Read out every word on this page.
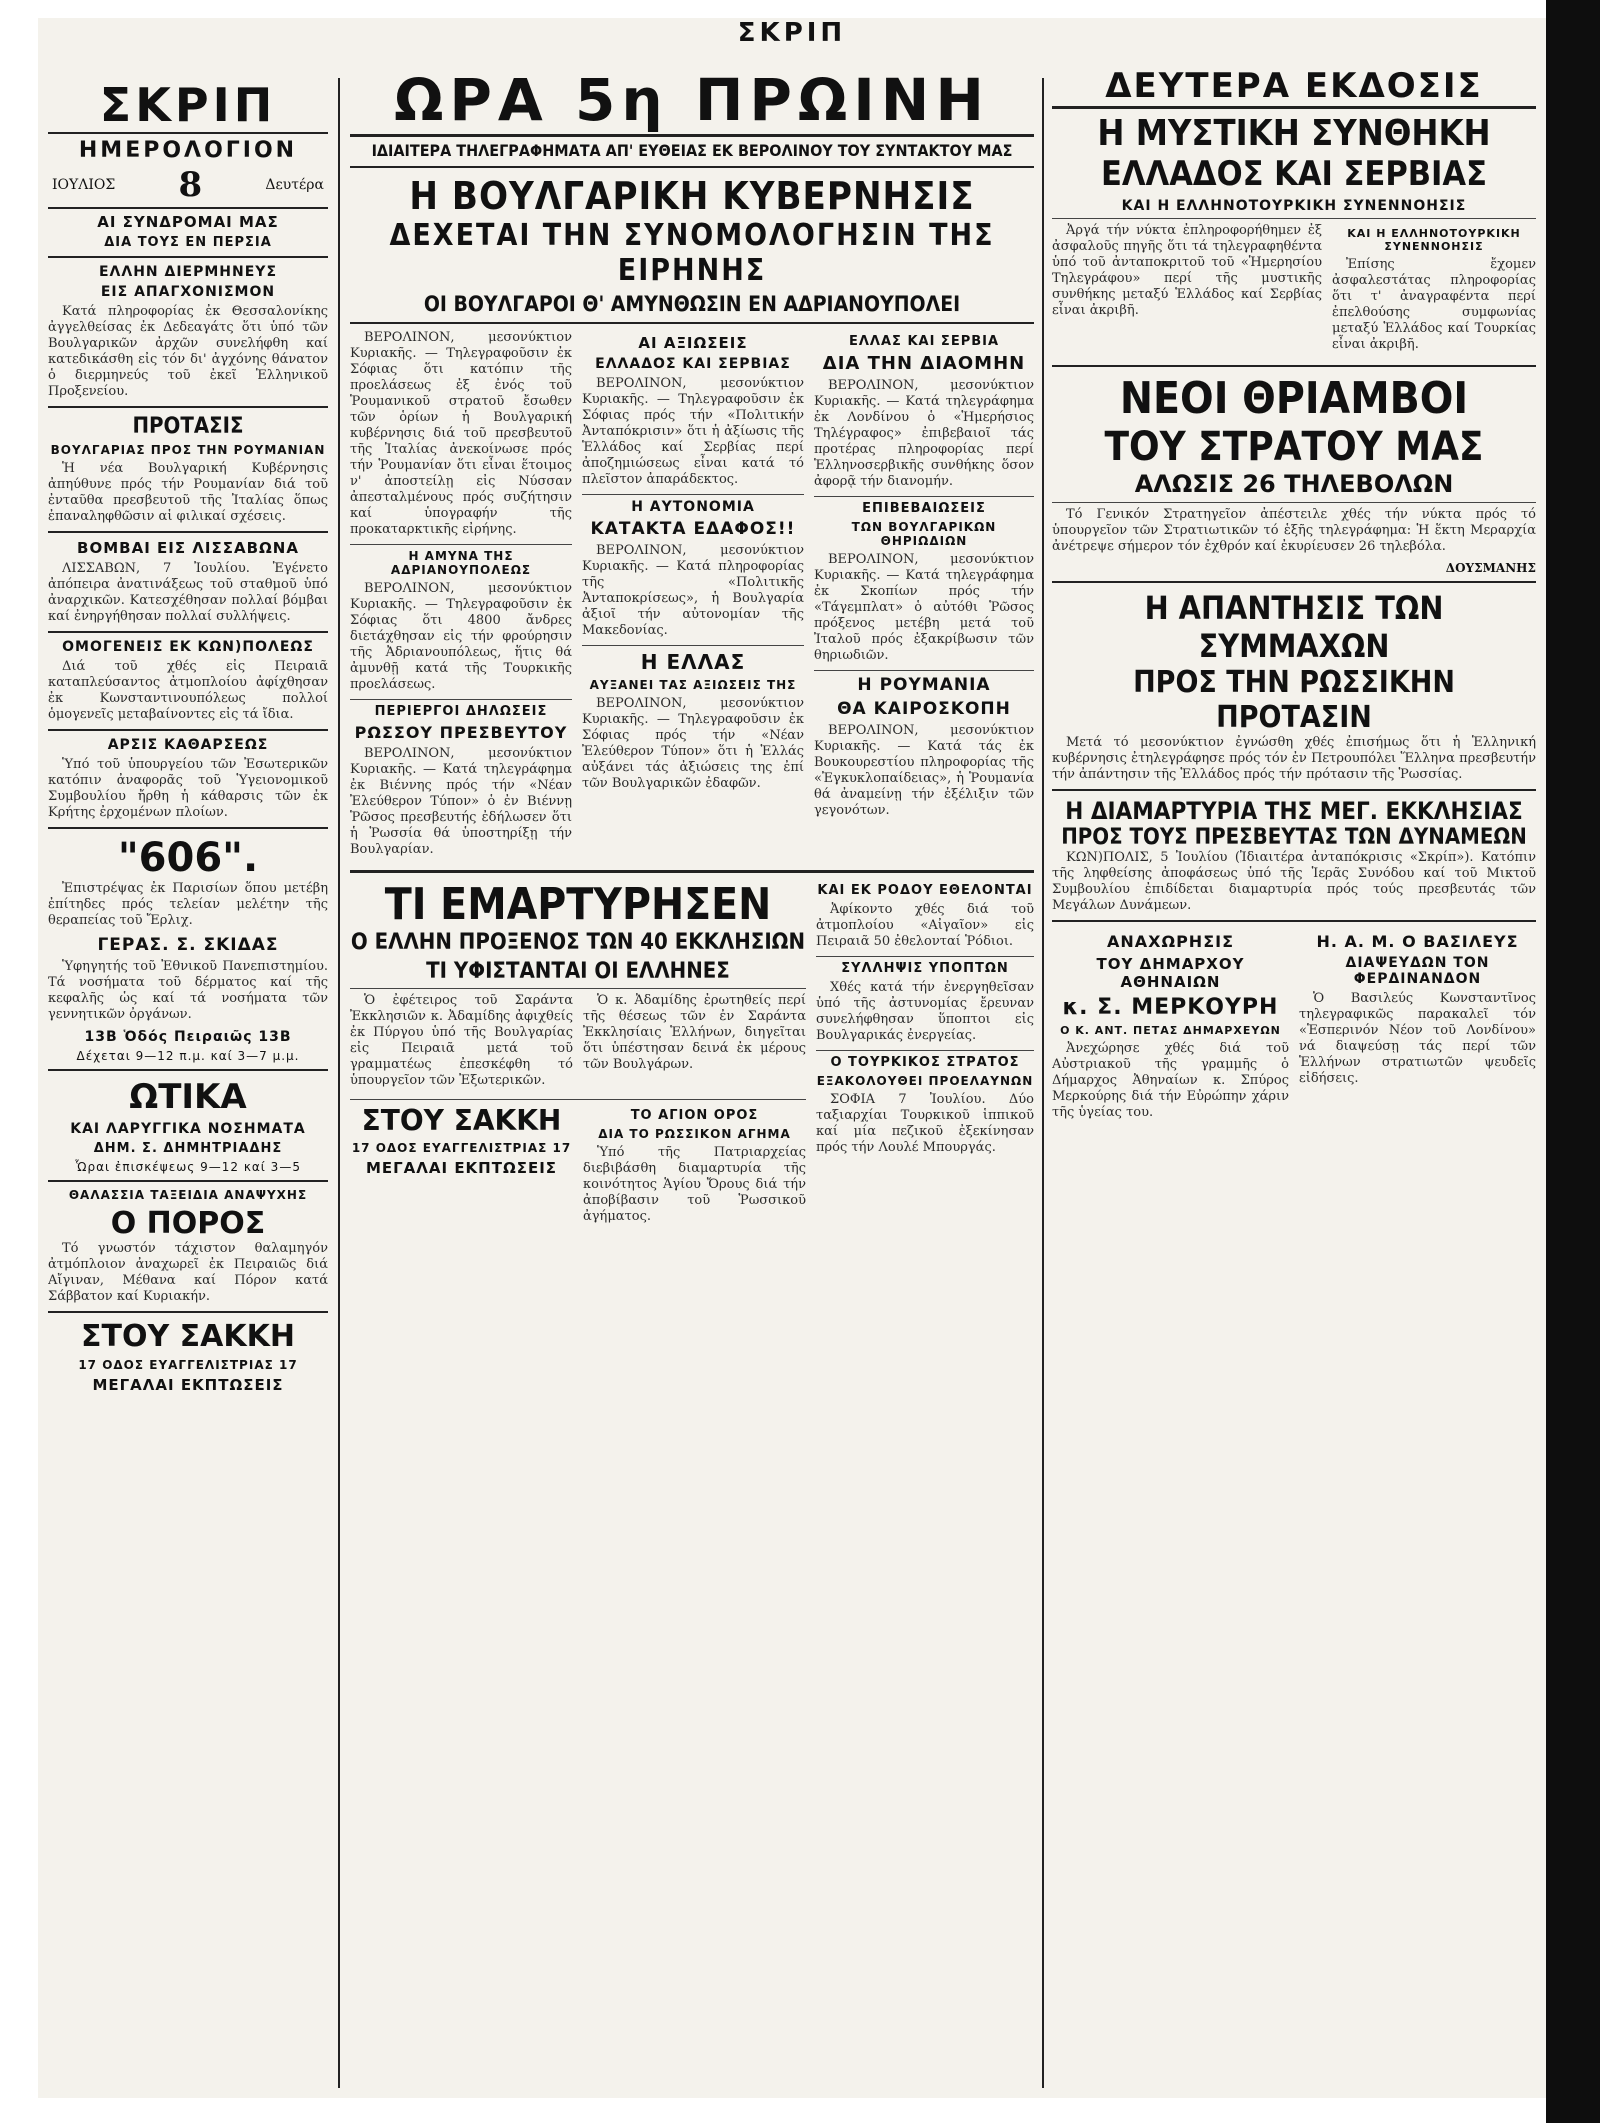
ΣΚΡΙΠ
ΣΚΡΙΠ
ΗΜΕΡΟΛΟΓΙΟΝ
ΙΟΥΛΙΟΣ 8	Δευτέρα
ΑΙ ΣΥΝΔΡΟΜΑΙ ΜΑΣ
ΔΙΑ ΤΟΥΣ ΕΝ ΠΕΡΣΙΑ
ΕΛΛΗΝ ΔΙΕΡΜΗΝΕΥΣ
ΕΙΣ ΑΠΑΓΧΟΝΙΣΜΟΝ

Κατά πληροφορίας ἐκ Θεσσαλονίκης ἀγγελθείσας ἐκ Δεδεαγάτς ὅτι ὑπό τῶν Βουλγαρικῶν ἀρχῶν συνελήφθη καί κατεδικάσθη εἰς τόν δι' ἀγχόνης θάνατον ὁ διερμηνεύς τοῦ ἐκεῖ Ἑλληνικοῦ Προξενείου.

ΠΡΟΤΑΣΙΣ
ΒΟΥΛΓΑΡΙΑΣ ΠΡΟΣ ΤΗΝ ΡΟΥΜΑΝΙΑΝ

Ἡ νέα Βουλγαρική Κυβέρνησις ἀπηύθυνε πρός τήν Ρουμανίαν διά τοῦ ἐνταῦθα πρεσβευτοῦ τῆς Ἰταλίας ὅπως ἐπαναληφθῶσιν αἱ φιλικαί σχέσεις.

ΒΟΜΒΑΙ ΕΙΣ ΛΙΣΣΑΒΩΝΑ

ΛΙΣΣΑΒΩΝ, 7 Ἰουλίου. Ἐγένετο ἀπόπειρα ἀνατινάξεως τοῦ σταθμοῦ ὑπό ἀναρχικῶν. Κατεσχέθησαν πολλαί βόμβαι καί ἐνηργήθησαν πολλαί συλλήψεις.

ΟΜΟΓΕΝΕΙΣ ΕΚ ΚΩΝ)ΠΟΛΕΩΣ

Διά τοῦ χθές εἰς Πειραιᾶ καταπλεύσαντος ἀτμοπλοίου ἀφίχθησαν ἐκ Κωνσταντινουπόλεως πολλοί ὁμογενεῖς μεταβαίνοντες εἰς τά ἴδια.

ΑΡΣΙΣ ΚΑΘΑΡΣΕΩΣ

Ὑπό τοῦ ὑπουργείου τῶν Ἐσωτερικῶν κατόπιν ἀναφορᾶς τοῦ Ὑγειονομικοῦ Συμβουλίου ἤρθη ἡ κάθαρσις τῶν ἐκ Κρήτης ἐρχομένων πλοίων.

"606".

Ἐπιστρέψας ἐκ Παρισίων ὅπου μετέβη ἐπίτηδες πρός τελείαν μελέτην τῆς θεραπείας τοῦ Ἔρλιχ.

ΓΕΡΑΣ. Σ. ΣΚΙΔΑΣ

Ὑφηγητής τοῦ Ἐθνικοῦ Πανεπιστημίου. Τά νοσήματα τοῦ δέρματος καί τῆς κεφαλῆς ὡς καί τά νοσήματα τῶν γεννητικῶν ὀργάνων.

13Β Ὁδός Πειραιῶς 13Β
Δέχεται 9—12 π.μ. καί 3—7 μ.μ.
ΩΤΙΚΑ
ΚΑΙ ΛΑΡΥΓΓΙΚΑ ΝΟΣΗΜΑΤΑ
ΔΗΜ. Σ. ΔΗΜΗΤΡΙΑΔΗΣ
Ὧραι ἐπισκέψεως 9—12 καί 3—5
ΘΑΛΑΣΣΙΑ ΤΑΞΕΙΔΙΑ ΑΝΑΨΥΧΗΣ
Ο ΠΟΡΟΣ

Τό γνωστόν τάχιστον θαλαμηγόν ἀτμόπλοιον ἀναχωρεῖ ἐκ Πειραιῶς διά Αἴγιναν, Μέθανα καί Πόρον κατά Σάββατον καί Κυριακήν.

ΣΤΟΥ ΣΑΚΚΗ
17 ΟΔΟΣ ΕΥΑΓΓΕΛΙΣΤΡΙΑΣ 17
ΜΕΓΑΛΑΙ ΕΚΠΤΩΣΕΙΣ
ΩΡΑ 5η ΠΡΩΙΝΗ
ΙΔΙΑΙΤΕΡΑ ΤΗΛΕΓΡΑΦΗΜΑΤΑ ΑΠ' ΕΥΘΕΙΑΣ ΕΚ ΒΕΡΟΛΙΝΟΥ ΤΟΥ ΣΥΝΤΑΚΤΟΥ ΜΑΣ
Η ΒΟΥΛΓΑΡΙΚΗ ΚΥΒΕΡΝΗΣΙΣ
ΔΕΧΕΤΑΙ ΤΗΝ ΣΥΝΟΜΟΛΟΓΗΣΙΝ ΤΗΣ ΕΙΡΗΝΗΣ
ΟΙ ΒΟΥΛΓΑΡΟΙ Θ' ΑΜΥΝΘΩΣΙΝ ΕΝ ΑΔΡΙΑΝΟΥΠΟΛΕΙ

ΒΕΡΟΛΙΝΟΝ, μεσονύκτιον Κυριακῆς. — Τηλεγραφοῦσιν ἐκ Σόφιας ὅτι κατόπιν τῆς προελάσεως ἐξ ἐνός τοῦ Ῥουμανικοῦ στρατοῦ ἔσωθεν τῶν ὁρίων ἡ Βουλγαρική κυβέρνησις διά τοῦ πρεσβευτοῦ τῆς Ἰταλίας ἀνεκοίνωσε πρός τήν Ῥουμανίαν ὅτι εἶναι ἕτοιμος ν' ἀποστείλῃ εἰς Νύσσαν ἀπεσταλμένους πρός συζήτησιν καί ὑπογραφήν τῆς προκαταρκτικῆς εἰρήνης.

Η ΑΜΥΝΑ ΤΗΣ ΑΔΡΙΑΝΟΥΠΟΛΕΩΣ

ΒΕΡΟΛΙΝΟΝ, μεσονύκτιον Κυριακῆς. — Τηλεγραφοῦσιν ἐκ Σόφιας ὅτι 4800 ἄνδρες διετάχθησαν εἰς τήν φρούρησιν τῆς Ἀδριανουπόλεως, ἥτις θά ἀμυνθῇ κατά τῆς Τουρκικῆς προελάσεως.

ΠΕΡΙΕΡΓΟΙ ΔΗΛΩΣΕΙΣ
ΡΩΣΣΟΥ ΠΡΕΣΒΕΥΤΟΥ

ΒΕΡΟΛΙΝΟΝ, μεσονύκτιον Κυριακῆς. — Κατά τηλεγράφημα ἐκ Βιέννης πρός τήν «Νέαν Ἐλεύθερον Τύπον» ὁ ἐν Βιέννῃ Ῥῶσος πρεσβευτής ἐδήλωσεν ὅτι ἡ Ῥωσσία θά ὑποστηρίξῃ τήν Βουλγαρίαν.

ΑΙ ΑΞΙΩΣΕΙΣ
ΕΛΛΑΔΟΣ ΚΑΙ ΣΕΡΒΙΑΣ

ΒΕΡΟΛΙΝΟΝ, μεσονύκτιον Κυριακῆς. — Τηλεγραφοῦσιν ἐκ Σόφιας πρός τήν «Πολιτικήν Ἀνταπόκρισιν» ὅτι ἡ ἀξίωσις τῆς Ἑλλάδος καί Σερβίας περί ἀποζημιώσεως εἶναι κατά τό πλεῖστον ἀπαράδεκτος.

Η ΑΥΤΟΝΟΜΙΑ
ΚΑΤΑΚΤΑ ΕΔΑΦΟΣ!!

ΒΕΡΟΛΙΝΟΝ, μεσονύκτιον Κυριακῆς. — Κατά πληροφορίας τῆς «Πολιτικῆς Ἀνταποκρίσεως», ἡ Βουλγαρία ἀξιοῖ τήν αὐτονομίαν τῆς Μακεδονίας.

Η ΕΛΛΑΣ
ΑΥΞΑΝΕΙ ΤΑΣ ΑΞΙΩΣΕΙΣ ΤΗΣ

ΒΕΡΟΛΙΝΟΝ, μεσονύκτιον Κυριακῆς. — Τηλεγραφοῦσιν ἐκ Σόφιας πρός τήν «Νέαν Ἐλεύθερον Τύπον» ὅτι ἡ Ἑλλάς αὐξάνει τάς ἀξιώσεις της ἐπί τῶν Βουλγαρικῶν ἐδαφῶν.

ΕΛΛΑΣ ΚΑΙ ΣΕΡΒΙΑ
ΔΙΑ ΤΗΝ ΔΙΑΟΜΗΝ

ΒΕΡΟΛΙΝΟΝ, μεσονύκτιον Κυριακῆς. — Κατά τηλεγράφημα ἐκ Λονδίνου ὁ «Ἡμερήσιος Τηλέγραφος» ἐπιβεβαιοῖ τάς προτέρας πληροφορίας περί Ἑλληνοσερβικῆς συνθήκης ὅσον ἀφορᾷ τήν διανομήν.

ΕΠΙΒΕΒΑΙΩΣΕΙΣ
ΤΩΝ ΒΟΥΛΓΑΡΙΚΩΝ ΘΗΡΙΩΔΙΩΝ

ΒΕΡΟΛΙΝΟΝ, μεσονύκτιον Κυριακῆς. — Κατά τηλεγράφημα ἐκ Σκοπίων πρός τήν «Τάγεμπλατ» ὁ αὐτόθι Ῥῶσος πρόξενος μετέβη μετά τοῦ Ἰταλοῦ πρός ἐξακρίβωσιν τῶν θηριωδιῶν.

Η ΡΟΥΜΑΝΙΑ
ΘΑ ΚΑΙΡΟΣΚΟΠΗ

ΒΕΡΟΛΙΝΟΝ, μεσονύκτιον Κυριακῆς. — Κατά τάς ἐκ Βουκουρεστίου πληροφορίας τῆς «Ἐγκυκλοπαίδειας», ἡ Ῥουμανία θά ἀναμείνῃ τήν ἐξέλιξιν τῶν γεγονότων.

ΤΙ ΕΜΑΡΤΥΡΗΣΕΝ
Ο ΕΛΛΗΝ ΠΡΟΞΕΝΟΣ ΤΩΝ 40 ΕΚΚΛΗΣΙΩΝ
ΤΙ ΥΦΙΣΤΑΝΤΑΙ ΟΙ ΕΛΛΗΝΕΣ

Ὁ ἐφέτειρος τοῦ Σαράντα Ἐκκλησιῶν κ. Ἀδαμίδης ἀφιχθείς ἐκ Πύργου ὑπό τῆς Βουλγαρίας εἰς Πειραιᾶ μετά τοῦ γραμματέως ἐπεσκέφθη τό ὑπουργεῖον τῶν Ἐξωτερικῶν.

Ὁ κ. Ἀδαμίδης ἐρωτηθείς περί τῆς θέσεως τῶν ἐν Σαράντα Ἐκκλησίαις Ἑλλήνων, διηγεῖται ὅτι ὑπέστησαν δεινά ἐκ μέρους τῶν Βουλγάρων.

ΣΤΟΥ ΣΑΚΚΗ
17 ΟΔΟΣ ΕΥΑΓΓΕΛΙΣΤΡΙΑΣ 17
ΜΕΓΑΛΑΙ ΕΚΠΤΩΣΕΙΣ
ΤΟ ΑΓΙΟΝ ΟΡΟΣ
ΔΙΑ ΤΟ ΡΩΣΣΙΚΟΝ ΑΓΗΜΑ

Ὑπό τῆς Πατριαρχείας διεβιβάσθη διαμαρτυρία τῆς κοινότητος Ἁγίου Ὄρους διά τήν ἀποβίβασιν τοῦ Ῥωσσικοῦ ἀγήματος.

ΚΑΙ ΕΚ ΡΟΔΟΥ ΕΘΕΛΟΝΤΑΙ

Ἀφίκοντο χθές διά τοῦ ἀτμοπλοίου «Αἰγαῖον» εἰς Πειραιᾶ 50 ἐθελονταί Ῥόδιοι.

ΣΥΛΛΗΨΙΣ ΥΠΟΠΤΩΝ

Χθές κατά τήν ἐνεργηθεῖσαν ὑπό τῆς ἀστυνομίας ἔρευναν συνελήφθησαν ὕποπτοι εἰς Βουλγαρικάς ἐνεργείας.

Ο ΤΟΥΡΚΙΚΟΣ ΣΤΡΑΤΟΣ
ΕΞΑΚΟΛΟΥΘΕΙ ΠΡΟΕΛΑΥΝΩΝ

ΣΟΦΙΑ 7 Ἰουλίου. Δύο ταξιαρχίαι Τουρκικοῦ ἱππικοῦ καί μία πεζικοῦ ἐξεκίνησαν πρός τήν Λουλέ Μπουργάς.

ΔΕΥΤΕΡΑ ΕΚΔΟΣΙΣ
Η ΜΥΣΤΙΚΗ ΣΥΝΘΗΚΗ
ΕΛΛΑΔΟΣ ΚΑΙ ΣΕΡΒΙΑΣ
ΚΑΙ Η ΕΛΛΗΝΟΤΟΥΡΚΙΚΗ ΣΥΝΕΝΝΟΗΣΙΣ

Ἀργά τήν νύκτα ἐπληροφορήθημεν ἐξ ἀσφαλοῦς πηγῆς ὅτι τά τηλεγραφηθέντα ὑπό τοῦ ἀνταποκριτοῦ τοῦ «Ἡμερησίου Τηλεγράφου» περί τῆς μυστικῆς συνθήκης μεταξύ Ἑλλάδος καί Σερβίας εἶναι ἀκριβῆ.

ΚΑΙ Η ΕΛΛΗΝΟΤΟΥΡΚΙΚΗ ΣΥΝΕΝΝΟΗΣΙΣ

Ἐπίσης ἔχομεν ἀσφαλεστάτας πληροφορίας ὅτι τ' ἀναγραφέντα περί ἐπελθούσης συμφωνίας μεταξύ Ἑλλάδος καί Τουρκίας εἶναι ἀκριβῆ.

ΝΕΟΙ ΘΡΙΑΜΒΟΙ
ΤΟΥ ΣΤΡΑΤΟΥ ΜΑΣ
ΑΛΩΣΙΣ 26 ΤΗΛΕΒΟΛΩΝ

Τό Γενικόν Στρατηγεῖον ἀπέστειλε χθές τήν νύκτα πρός τό ὑπουργεῖον τῶν Στρατιωτικῶν τό ἑξῆς τηλεγράφημα: Ἡ ἕκτη Μεραρχία ἀνέτρεψε σήμερον τόν ἐχθρόν καί ἐκυρίευσεν 26 τηλεβόλα.

ΔΟΥΣΜΑΝΗΣ
Η ΑΠΑΝΤΗΣΙΣ ΤΩΝ ΣΥΜΜΑΧΩΝ
ΠΡΟΣ ΤΗΝ ΡΩΣΣΙΚΗΝ ΠΡΟΤΑΣΙΝ

Μετά τό μεσονύκτιον ἐγνώσθη χθές ἐπισήμως ὅτι ἡ Ἑλληνική κυβέρνησις ἐτηλεγράφησε πρός τόν ἐν Πετρουπόλει Ἕλληνα πρεσβευτήν τήν ἀπάντησιν τῆς Ἑλλάδος πρός τήν πρότασιν τῆς Ῥωσσίας.

Η ΔΙΑΜΑΡΤΥΡΙΑ ΤΗΣ ΜΕΓ. ΕΚΚΛΗΣΙΑΣ
ΠΡΟΣ ΤΟΥΣ ΠΡΕΣΒΕΥΤΑΣ ΤΩΝ ΔΥΝΑΜΕΩΝ

ΚΩΝ)ΠΟΛΙΣ, 5 Ἰουλίου (Ἰδιαιτέρα ἀνταπόκρισις «Σκρίπ»). Κατόπιν τῆς ληφθείσης ἀποφάσεως ὑπό τῆς Ἱερᾶς Συνόδου καί τοῦ Μικτοῦ Συμβουλίου ἐπιδίδεται διαμαρτυρία πρός τούς πρεσβευτάς τῶν Μεγάλων Δυνάμεων.

ΑΝΑΧΩΡΗΣΙΣ
ΤΟΥ ΔΗΜΑΡΧΟΥ ΑΘΗΝΑΙΩΝ
κ. Σ. ΜΕΡΚΟΥΡΗ
Ο Κ. ΑΝΤ. ΠΕΤΑΣ ΔΗΜΑΡΧΕΥΩΝ

Ἀνεχώρησε χθές διά τοῦ Αὐστριακοῦ τῆς γραμμῆς ὁ Δήμαρχος Ἀθηναίων κ. Σπύρος Μερκούρης διά τήν Εὐρώπην χάριν τῆς ὑγείας του.

Η. Α. Μ. Ο ΒΑΣΙΛΕΥΣ
ΔΙΑΨΕΥΔΩΝ ΤΟΝ ΦΕΡΔΙΝΑΝΔΟΝ

Ὁ Βασιλεύς Κωνσταντῖνος τηλεγραφικῶς παρακαλεῖ τόν «Ἑσπερινόν Νέον τοῦ Λονδίνου» νά διαψεύσῃ τάς περί τῶν Ἑλλήνων στρατιωτῶν ψευδεῖς εἰδήσεις.
